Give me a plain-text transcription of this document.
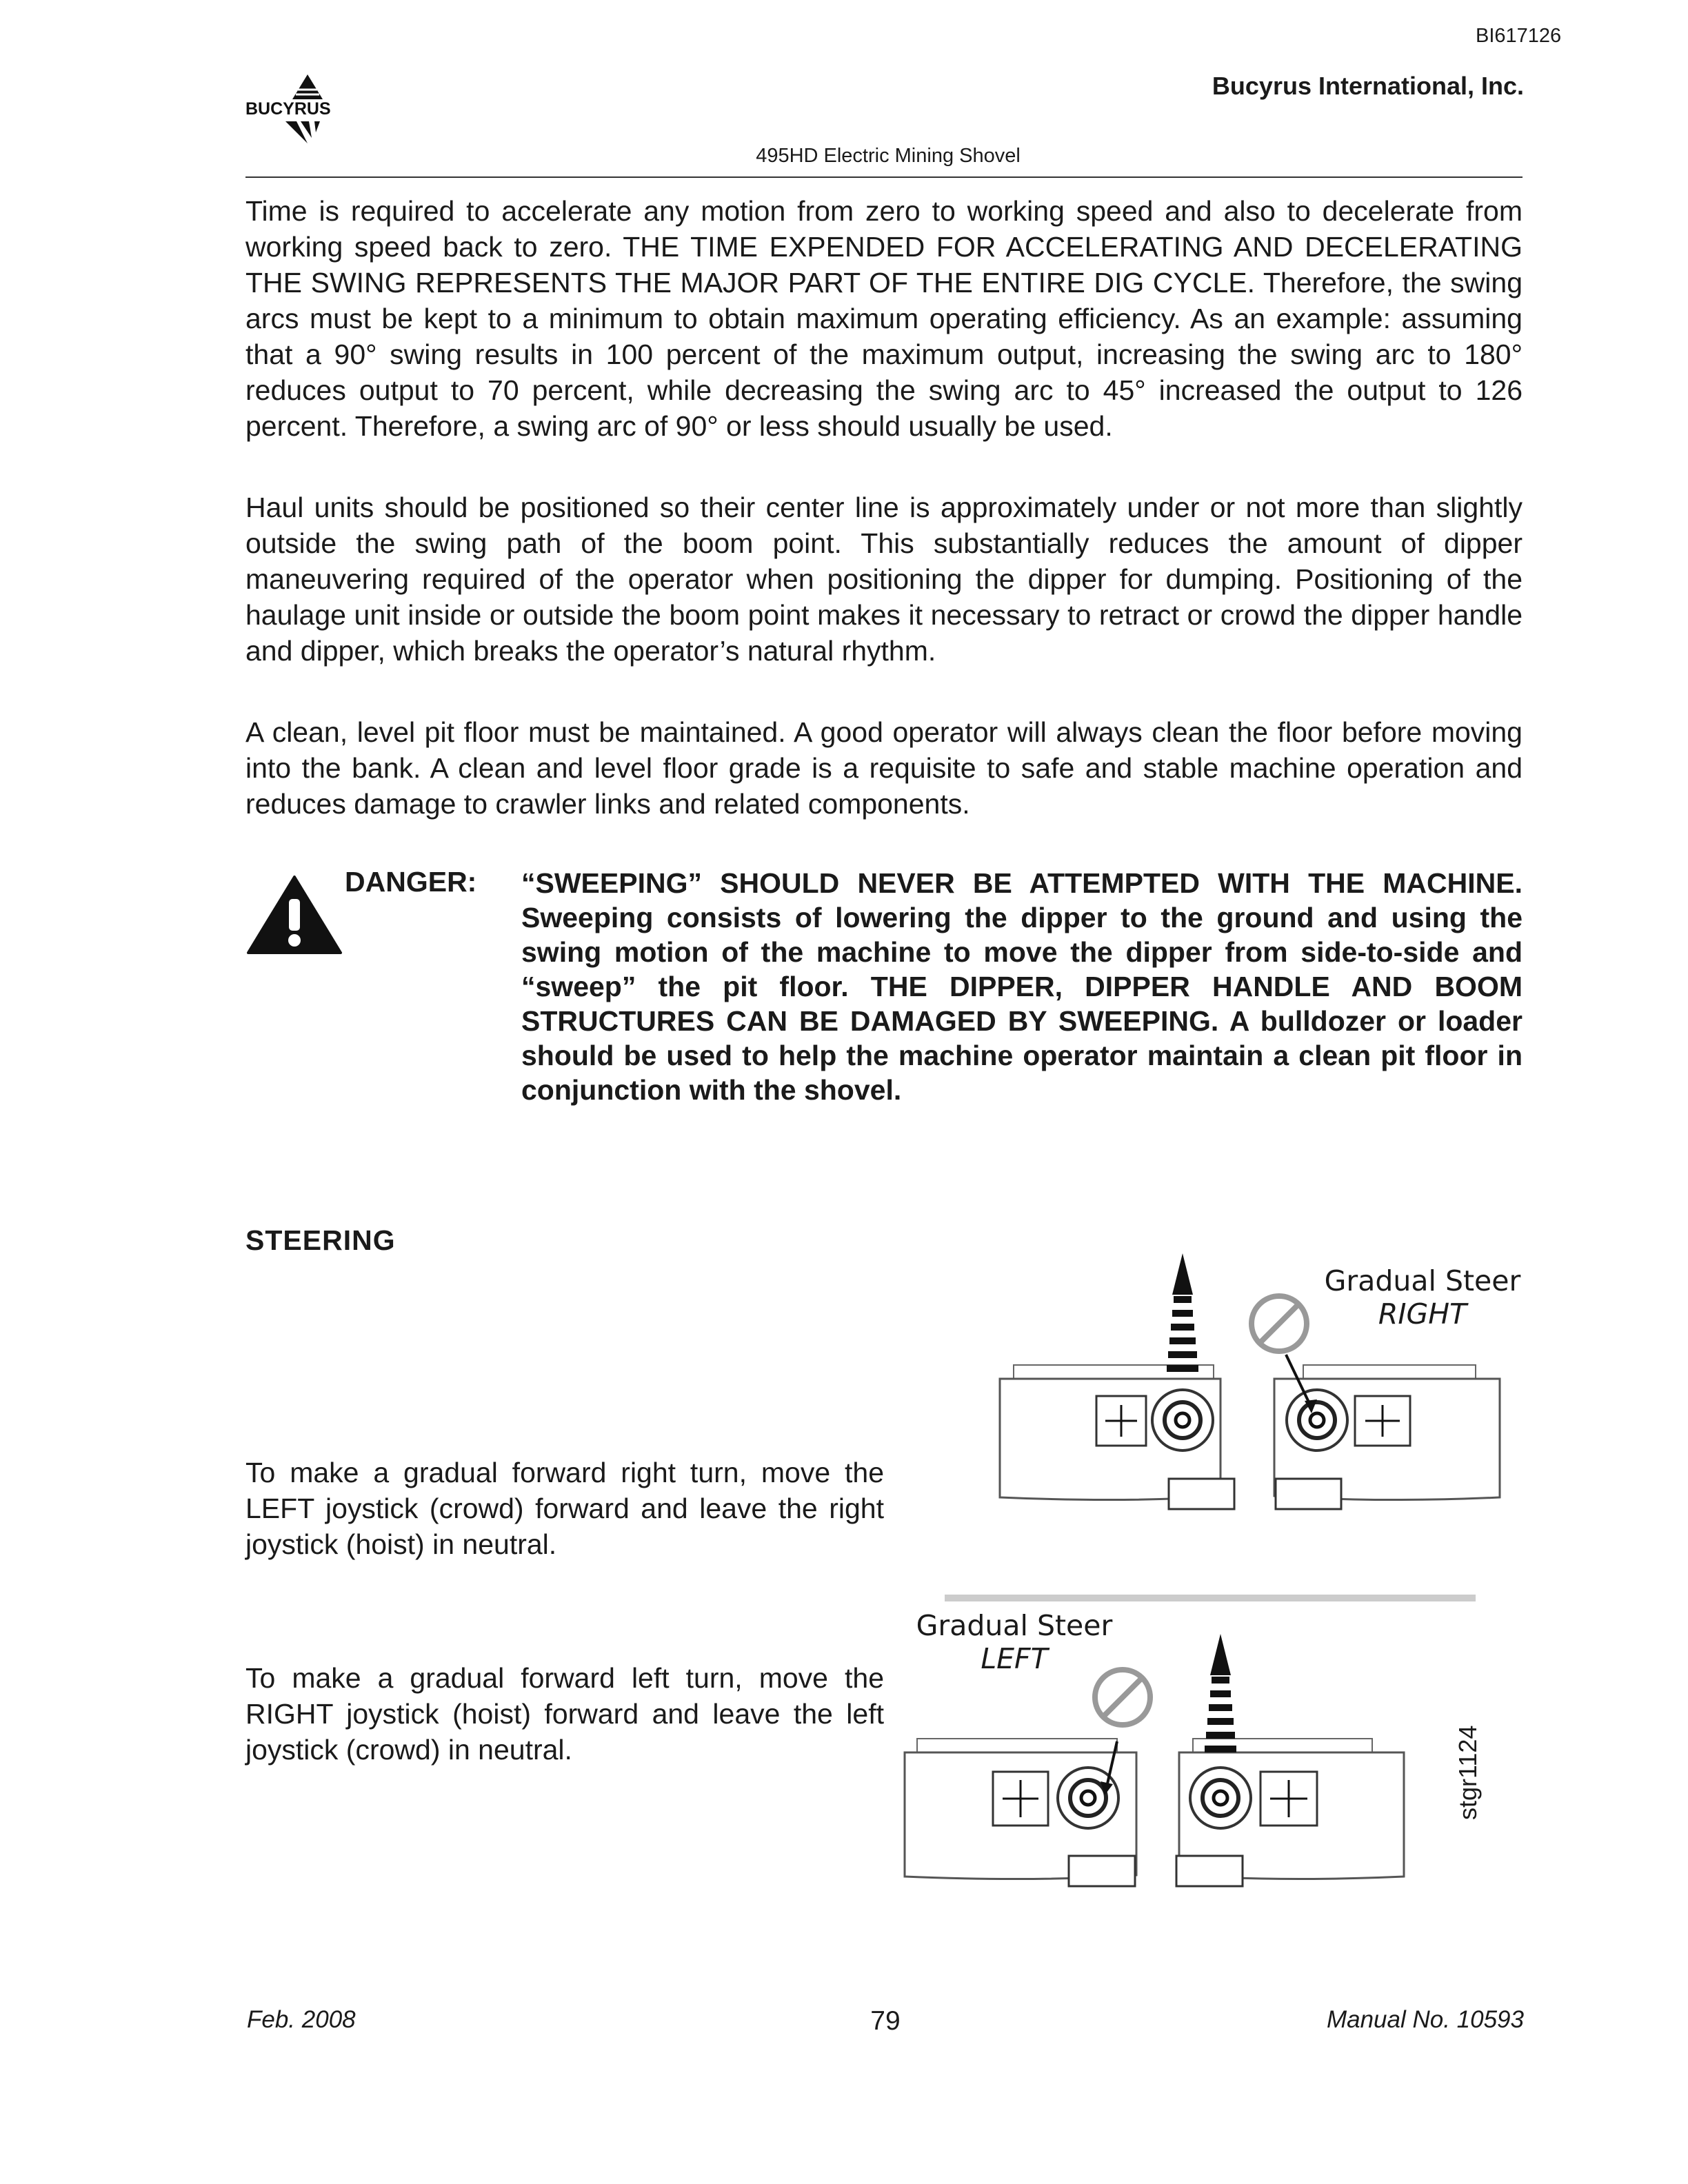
BI617126
BUCYRUS
Bucyrus International, Inc.
495HD Electric Mining Shovel
Time is required to accelerate any motion from zero to working speed and also to decelerate from working speed back to zero. THE TIME EXPENDED FOR ACCELERATING AND DECELERATING THE SWING REPRESENTS THE MAJOR PART OF THE ENTIRE DIG CYCLE. Therefore, the swing arcs must be kept to a minimum to obtain maximum operating efficiency. As an example: assuming that a 90° swing results in 100 percent of the maximum output, increasing the swing arc to 180° reduces output to 70 percent, while decreasing the swing arc to 45° increased the output to 126 percent. Therefore, a swing arc of 90° or less should usually be used.
Haul units should be positioned so their center line is approximately under or not more than slightly outside the swing path of the boom point. This substantially reduces the amount of dipper maneuvering required of the operator when positioning the dipper for dumping. Positioning of the haulage unit inside or outside the boom point makes it necessary to retract or crowd the dipper handle and dipper, which breaks the operator’s natural rhythm.
A clean, level pit floor must be maintained. A good operator will always clean the floor before moving into the bank. A clean and level floor grade is a requisite to safe and stable machine operation and reduces damage to crawler links and related components.
DANGER: “SWEEPING” SHOULD NEVER BE ATTEMPTED WITH THE MACHINE. Sweeping consists of lowering the dipper to the ground and using the swing motion of the machine to move the dipper from side-to-side and “sweep” the pit floor. THE DIPPER, DIPPER HANDLE AND BOOM STRUCTURES CAN BE DAMAGED BY SWEEPING. A bulldozer or loader should be used to help the machine operator maintain a clean pit floor in conjunction with the shovel.
STEERING
To make a gradual forward right turn, move the LEFT joystick (crowd) forward and leave the right joystick (hoist) in neutral.
To make a gradual forward left turn, move the RIGHT joystick (hoist) forward and leave the left joystick (crowd) in neutral.
Gradual Steer
RIGHT
Gradual Steer
LEFT
stgr1124
Feb. 2008	79	Manual No. 10593
